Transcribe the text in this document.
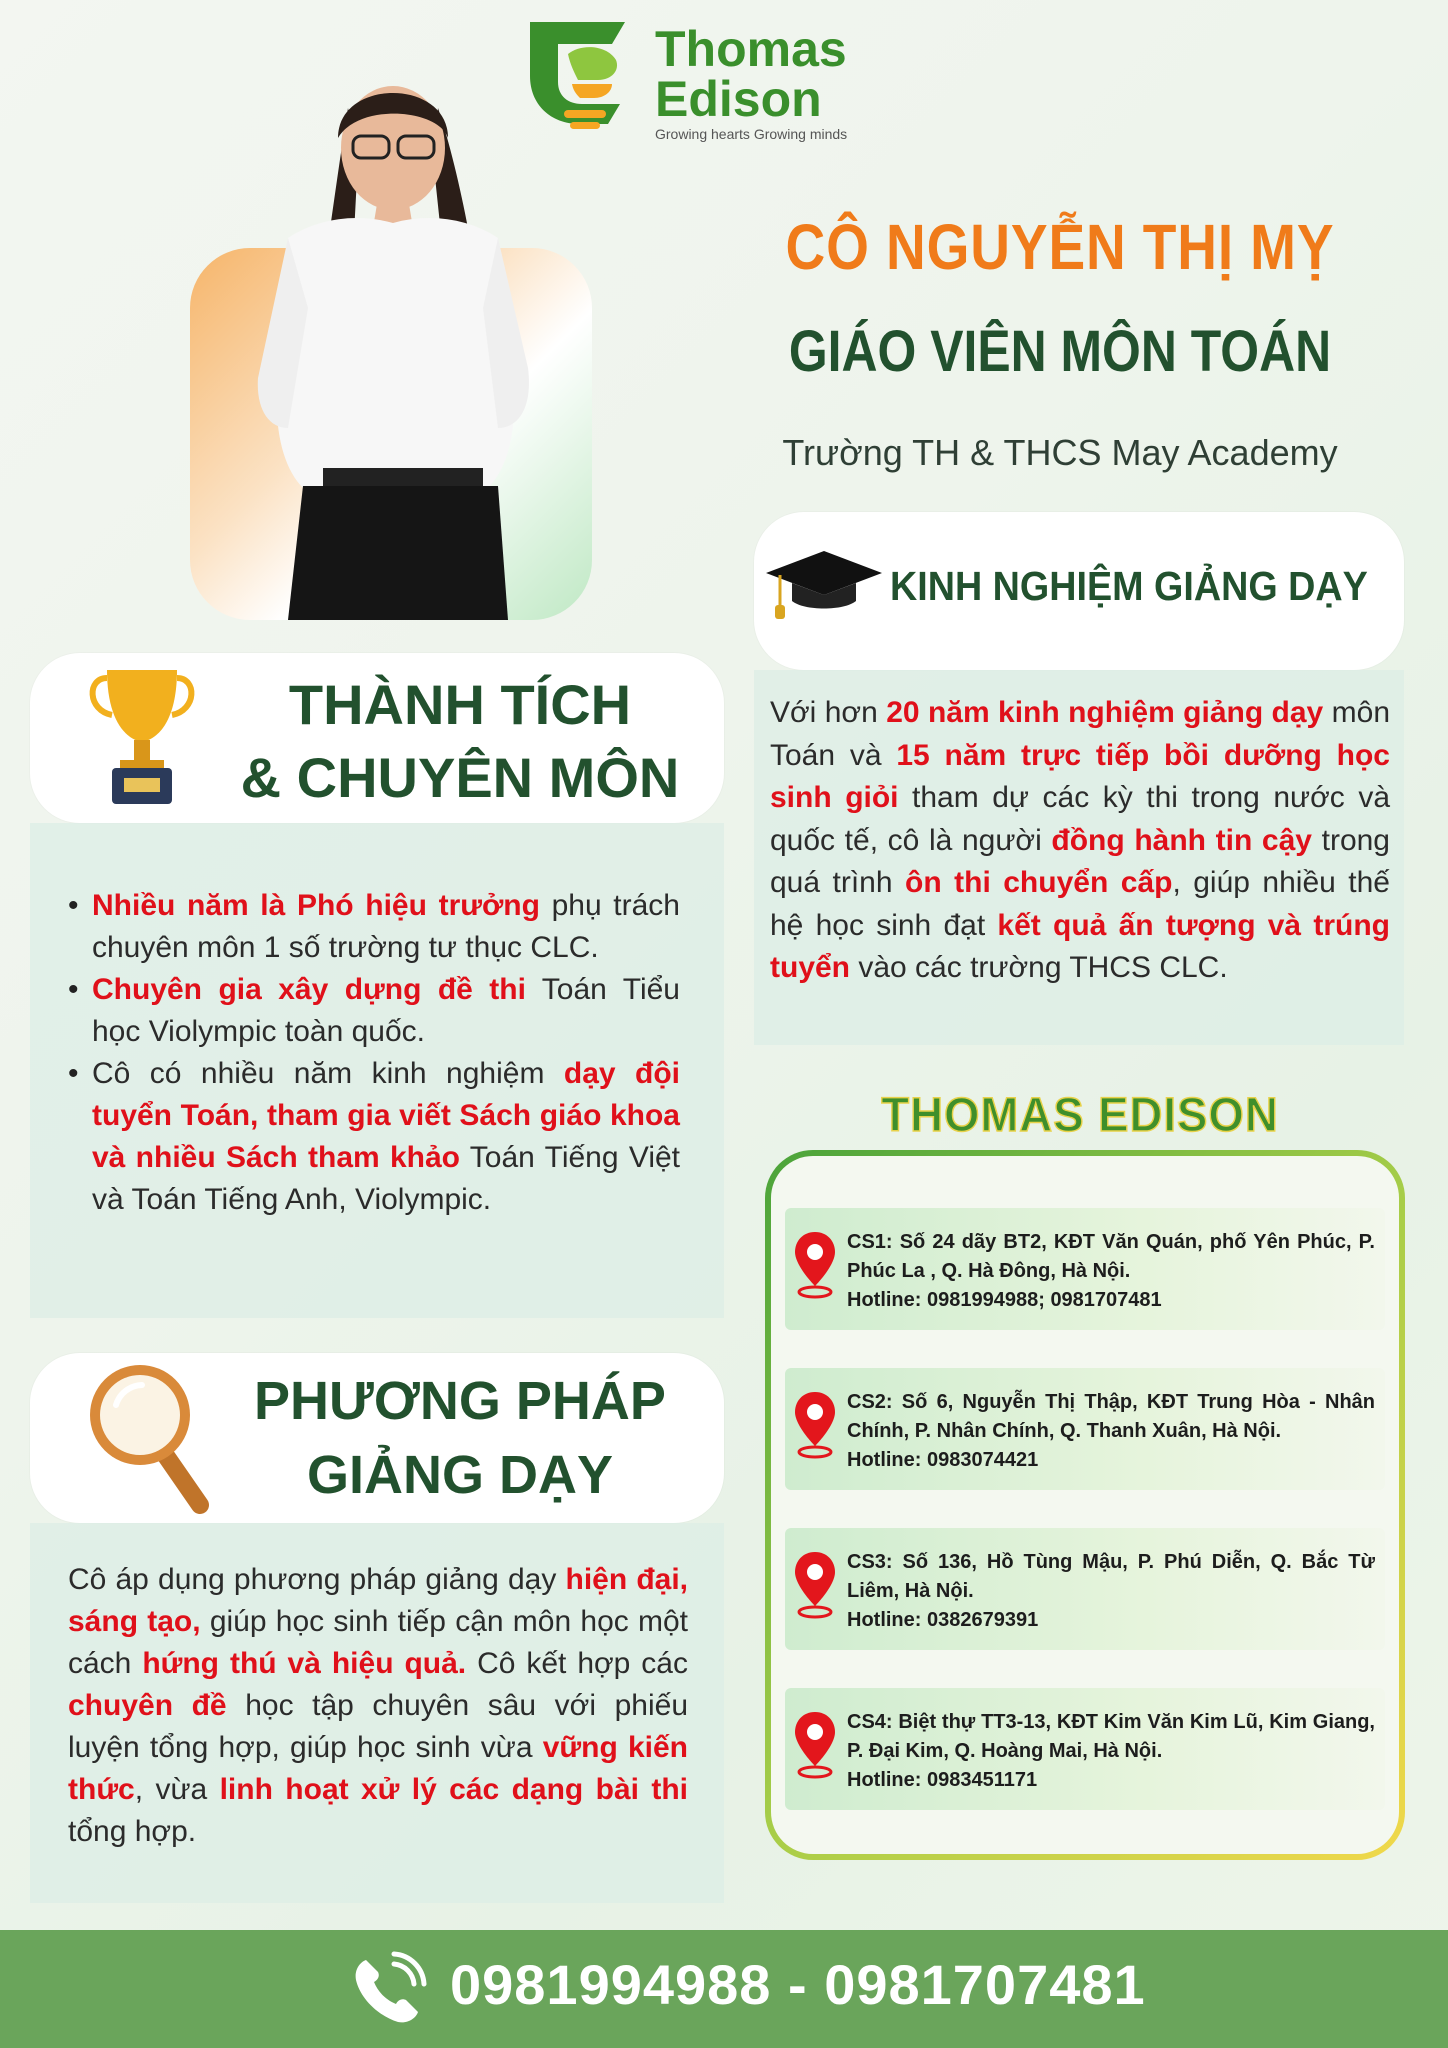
Thomas
Edison
Growing hearts Growing minds
CÔ NGUYỄN THỊ MỴ
GIÁO VIÊN MÔN TOÁN
Trường TH & THCS May Academy
KINH NGHIỆM GIẢNG DẠY
Với hơn 20 năm kinh nghiệm giảng dạy môn Toán và 15 năm trực tiếp bồi dưỡng học sinh giỏi tham dự các kỳ thi trong nước và quốc tế, cô là người đồng hành tin cậy trong quá trình ôn thi chuyển cấp, giúp nhiều thế hệ học sinh đạt kết quả ấn tượng và trúng tuyển vào các trường THCS CLC.
THÀNH TÍCH
& CHUYÊN MÔN
• Nhiều năm là Phó hiệu trưởng phụ trách chuyên môn 1 số trường tư thục CLC.
• Chuyên gia xây dựng đề thi Toán Tiểu học Violympic toàn quốc.
• Cô có nhiều năm kinh nghiệm dạy đội tuyển Toán, tham gia viết Sách giáo khoa và nhiều Sách tham khảo Toán Tiếng Việt và Toán Tiếng Anh, Violympic.
PHƯƠNG PHÁP
GIẢNG DẠY
Cô áp dụng phương pháp giảng dạy hiện đại, sáng tạo, giúp học sinh tiếp cận môn học một cách hứng thú và hiệu quả. Cô kết hợp các chuyên đề học tập chuyên sâu với phiếu luyện tổng hợp, giúp học sinh vừa vững kiến thức, vừa linh hoạt xử lý các dạng bài thi tổng hợp.
THOMAS EDISON
CS1: Số 24 dãy BT2, KĐT Văn Quán, phố Yên Phúc, P. Phúc La , Q. Hà Đông, Hà Nội.
Hotline: 0981994988; 0981707481
CS2: Số 6, Nguyễn Thị Thập, KĐT Trung Hòa - Nhân Chính, P. Nhân Chính, Q. Thanh Xuân, Hà Nội.
Hotline: 0983074421
CS3: Số 136, Hồ Tùng Mậu, P. Phú Diễn, Q. Bắc Từ Liêm, Hà Nội.
Hotline: 0382679391
CS4: Biệt thự TT3-13, KĐT Kim Văn Kim Lũ, Kim Giang, P. Đại Kim, Q. Hoàng Mai, Hà Nội.
Hotline: 0983451171
0981994988 - 0981707481
